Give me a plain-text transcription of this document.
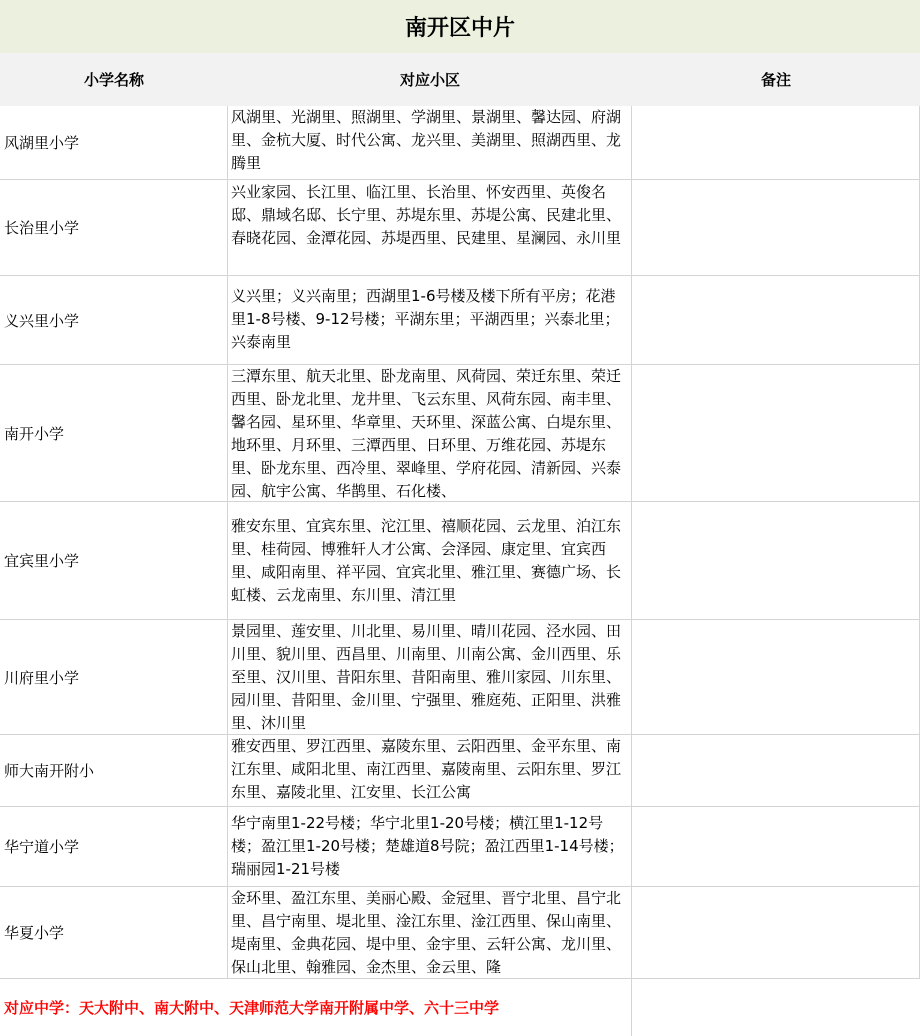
南开区中片
小学名称	对应小区	备注
风湖里小学
风湖里、光湖里、照湖里、学湖里、景湖里、馨达园、府湖里、金杭大厦、时代公寓、龙兴里、美湖里、照湖西里、龙腾里
长治里小学
兴业家园、长江里、临江里、长治里、怀安西里、英俊名邸、鼎域名邸、长宁里、苏堤东里、苏堤公寓、民建北里、春晓花园、金潭花园、苏堤西里、民建里、星澜园、永川里
义兴里小学
义兴里；义兴南里；西湖里1-6号楼及楼下所有平房；花港里1-8号楼、9-12号楼；平湖东里；平湖西里；兴泰北里；兴泰南里
南开小学
三潭东里、航天北里、卧龙南里、风荷园、荣迁东里、荣迁西里、卧龙北里、龙井里、飞云东里、风荷东园、南丰里、馨名园、星环里、华章里、天环里、深蓝公寓、白堤东里、地环里、月环里、三潭西里、日环里、万维花园、苏堤东里、卧龙东里、西冷里、翠峰里、学府花园、清新园、兴泰园、航宇公寓、华鹊里、石化楼、
宜宾里小学
雅安东里、宜宾东里、沱江里、禧顺花园、云龙里、泊江东里、桂荷园、博雅轩人才公寓、会泽园、康定里、宜宾西里、咸阳南里、祥平园、宜宾北里、雅江里、赛德广场、长虹楼、云龙南里、东川里、清江里
川府里小学
景园里、莲安里、川北里、易川里、晴川花园、泾水园、田川里、貌川里、西昌里、川南里、川南公寓、金川西里、乐至里、汉川里、昔阳东里、昔阳南里、雅川家园、川东里、园川里、昔阳里、金川里、宁强里、雅庭苑、正阳里、洪雅里、沐川里
师大南开附小
雅安西里、罗江西里、嘉陵东里、云阳西里、金平东里、南江东里、咸阳北里、南江西里、嘉陵南里、云阳东里、罗江东里、嘉陵北里、江安里、长江公寓
华宁道小学
华宁南里1-22号楼；华宁北里1-20号楼；横江里1-12号楼；盈江里1-20号楼；楚雄道8号院；盈江西里1-14号楼；瑞丽园1-21号楼
华夏小学
金环里、盈江东里、美丽心殿、金冠里、晋宁北里、昌宁北里、昌宁南里、堤北里、淦江东里、淦江西里、保山南里、堤南里、金典花园、堤中里、金宇里、云轩公寓、龙川里、保山北里、翰雅园、金杰里、金云里、隆
对应中学：天大附中、南大附中、天津师范大学南开附属中学、六十三中学
